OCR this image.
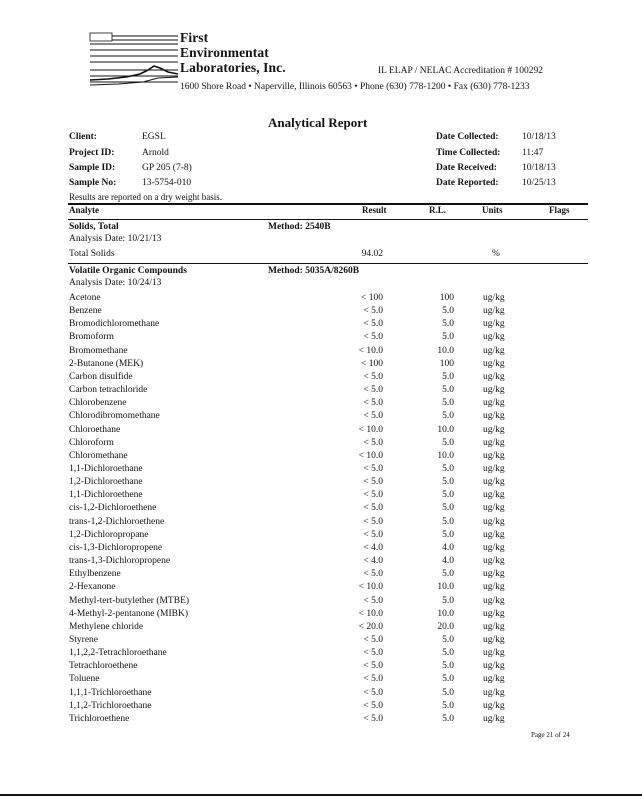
First
Environmentat
Laboratories, Inc.	IL ELAP / NELAC Accreditation # 100292
1600 Shore Road • Naperville, Illinois 60563 • Phone (630) 778-1200 • Fax (630) 778-1233
Analytical Report
Client:	EGSL
Project ID:	Arnold
Sample ID:	GP 205 (7-8)
Sample No:	13-5754-010
Date Collected: 10/18/13
Time Collected: 11:47
Date Received:	10/18/13
Date Reported: 10/25/13
Results are reported on a dry weight basis.
Analyte	Result	R.L.	Units	Flags
Solids, Total	Method: 2540B
Analysis Date: 10/21/13
Total Solids	94.02	%
Volatile Organic Compounds	Method: 5035A/8260B
Analysis Date: 10/24/13
Acetone	< 100	100	ug/kg
Benzene	< 5.0	5.0	ug/kg
Bromodichloromethane	< 5.0	5.0	ug/kg
Bromoform	< 5.0	5.0	ug/kg
Bromomethane	< 10.0	10.0	ug/kg
2-Butanone (MEK)	< 100	100	ug/kg
Carbon disulfide	< 5.0	5.0	ug/kg
Carbon tetrachloride	< 5.0	5.0	ug/kg
Chlorobenzene	< 5.0	5.0	ug/kg
Chlorodibromomethane	< 5.0	5.0	ug/kg
Chloroethane	< 10.0	10.0	ug/kg
Chloroform	< 5.0	5.0	ug/kg
Chloromethane	< 10.0	10.0	ug/kg
1,1-Dichloroethane	< 5.0	5.0	ug/kg
1,2-Dichloroethane	< 5.0	5.0	ug/kg
1,1-Dichloroethene	< 5.0	5.0	ug/kg
cis-1,2-Dichloroethene	< 5.0	5.0	ug/kg
trans-1,2-Dichloroethene	< 5.0	5.0	ug/kg
1,2-Dichloropropane	< 5.0	5.0	ug/kg
cis-1,3-Dichloropropene	< 4.0	4.0	ug/kg
trans-1,3-Dichloropropene	< 4.0	4.0	ug/kg
Ethylbenzene	< 5.0	5.0	ug/kg
2-Hexanone	< 10.0	10.0	ug/kg
Methyl-tert-butylether (MTBE)	< 5.0	5.0	ug/kg
4-Methyl-2-pentanone (MIBK)	< 10.0	10.0	ug/kg
Methylene chloride	< 20.0	20.0	ug/kg
Styrene	< 5.0	5.0	ug/kg
1,1,2,2-Tetrachloroethane	< 5.0	5.0	ug/kg
Tetrachloroethene	< 5.0	5.0	ug/kg
Toluene	< 5.0	5.0	ug/kg
1,1,1-Trichloroethane	< 5.0	5.0	ug/kg
1,1,2-Trichloroethane	< 5.0	5.0	ug/kg
Trichloroethene	< 5.0	5.0	ug/kg
Page 21 of 24
